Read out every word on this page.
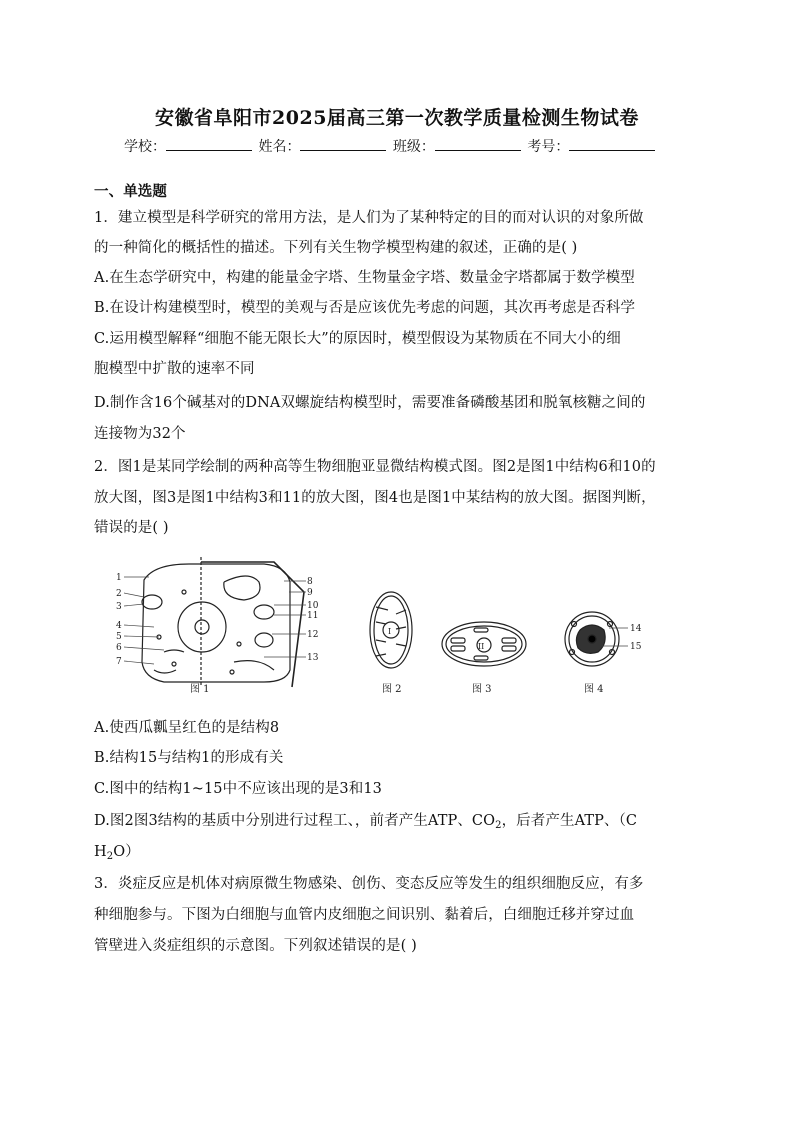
安徽省阜阳市2025届高三第一次教学质量检测生物试卷
学校：	姓名：	班级：	考号：
一、单选题
1．建立模型是科学研究的常用方法，是人们为了某种特定的目的而对认识的对象所做
的一种简化的概括性的描述。下列有关生物学模型构建的叙述，正确的是( )
A.在生态学研究中，构建的能量金字塔、生物量金字塔、数量金字塔都属于数学模型
B.在设计构建模型时，模型的美观与否是应该优先考虑的问题，其次再考虑是否科学
C.运用模型解释“细胞不能无限长大”的原因时，模型假设为某物质在不同大小的细
胞模型中扩散的速率不同
D.制作含16个碱基对的DNA双螺旋结构模型时，需要准备磷酸基团和脱氧核糖之间的
连接物为32个
2．图1是某同学绘制的两种高等生物细胞亚显微结构模式图。图2是图1中结构6和10的
放大图，图3是图1中结构3和11的放大图，图4也是图1中某结构的放大图。据图判断，
错误的是( )
1
2
3
4
5
6
7
8
9
10
11
12
13
图 1
I
图 2
II
图 3
14
15
图 4
A.使西瓜瓤呈红色的是结构8
B.结构15与结构1的形成有关
C.图中的结构1~15中不应该出现的是3和13
D.图2图3结构的基质中分别进行过程工、，前者产生ATP、$CO_2$，后者产生ATP、（C
$H_2O$）
3．炎症反应是机体对病原微生物感染、创伤、变态反应等发生的组织细胞反应，有多
种细胞参与。下图为白细胞与血管内皮细胞之间识别、黏着后，白细胞迁移并穿过血
管壁进入炎症组织的示意图。下列叙述错误的是( )
